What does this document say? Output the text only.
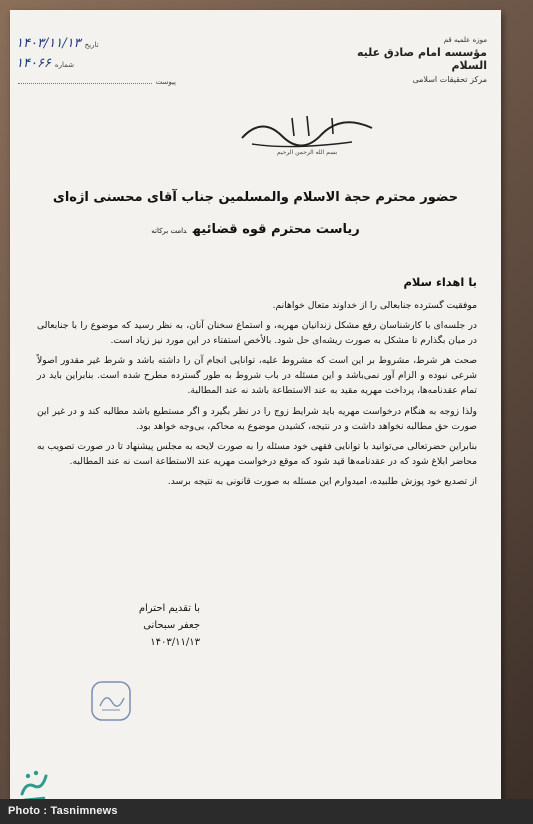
موزه علمیه قم
مؤسسه امام صادق علیه السلام
مرکز تحقیقات اسلامی
۱۴۰۳/۱۱/۱۳ تاریخ
۱۴۰۶۶ شماره
پیوست
بسم الله الرحمن الرحیم
حضور محترم حجة الاسلام والمسلمین جناب آقای محسنی اژه‌ای
ریاست محترم قوه قضائیهدامت برکاته
با اهداء سلام

موفقیت گسترده جنابعالی را از خداوند متعال خواهانم.

در جلسه‌ای با کارشناسان رفع مشکل زندانیان مهریه، و استماع سخنان آنان، به نظر رسید که موضوع را با جنابعالی در میان بگذارم تا مشکل به صورت ریشه‌ای حل شود. بالأخص استفتاء در این مورد نیز زیاد است.

صحت هر شرط، مشروط بر این است که مشروط علیه، توانایی انجام آن را داشته باشد و شرط غیر مقدور اصولاً شرعی نبوده و الزام آور نمی‌باشد و این مسئله در باب شروط به طور گسترده مطرح شده است. بنابراین باید در تمام عقدنامه‌ها، پرداخت مهریه مقید به عند الاستطاعة باشد نه عند المطالبة.

ولذا زوجه به هنگام درخواست مهریه باید شرایط زوج را در نظر بگیرد و اگر مستطیع باشد مطالبه کند و در غیر این صورت حق مطالبه نخواهد داشت و در نتیجه، کشیدن موضوع به محاکم، بی‌وجه خواهد بود.

بنابراین حضرتعالی می‌توانید با توانایی فقهی خود مسئله را به صورت لایحه به مجلس پیشنهاد تا در صورت تصویب به محاضر ابلاغ شود که در عقدنامه‌ها قید شود که موقع درخواست مهریه عند الاستطاعة است نه عند المطالبه.

از تصدیع خود پوزش طلبیده، امیدوارم این مسئله به صورت قانونی به نتیجه برسد.

با تقدیم احترام
جعفر سبحانی
۱۴۰۳/۱۱/۱۳
Photo : Tasnimnews
